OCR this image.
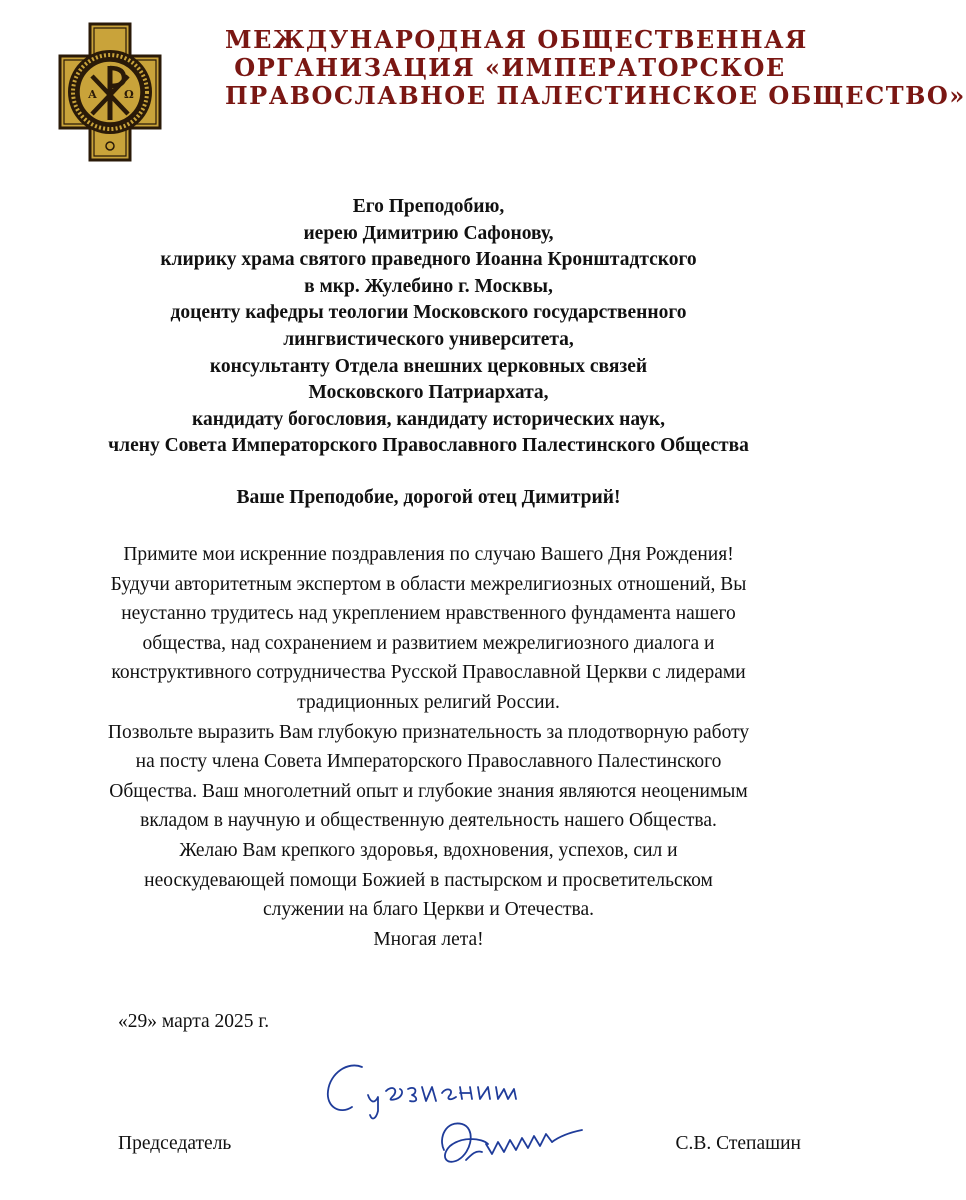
А Ω
МЕЖДУНАРОДНАЯ ОБЩЕСТВЕННАЯ
ОРГАНИЗАЦИЯ «ИМПЕРАТОРСКОЕ
ПРАВОСЛАВНОЕ ПАЛЕСТИНСКОЕ ОБЩЕСТВО»
Его Преподобию,
иерею Димитрию Сафонову,
клирику храма святого праведного Иоанна Кронштадтского
в мкр. Жулебино г. Москвы,
доценту кафедры теологии Московского государственного
лингвистического университета,
консультанту Отдела внешних церковных связей
Московского Патриархата,
кандидату богословия, кандидату исторических наук,
члену Совета Императорского Православного Палестинского Общества
Ваше Преподобие, дорогой отец Димитрий!
Примите мои искренние поздравления по случаю Вашего Дня Рождения!
Будучи авторитетным экспертом в области межрелигиозных отношений, Вы
неустанно трудитесь над укреплением нравственного фундамента нашего
общества, над сохранением и развитием межрелигиозного диалога и
конструктивного сотрудничества Русской Православной Церкви с лидерами
традиционных религий России.
Позвольте выразить Вам глубокую признательность за плодотворную работу
на посту члена Совета Императорского Православного Палестинского
Общества. Ваш многолетний опыт и глубокие знания являются неоценимым
вкладом в научную и общественную деятельность нашего Общества.
Желаю Вам крепкого здоровья, вдохновения, успехов, сил и
неоскудевающей помощи Божией в пастырском и просветительском
служении на благо Церкви и Отечества.
Многая лета!
«29» марта 2025 г.
Председатель	С.В. Степашин
